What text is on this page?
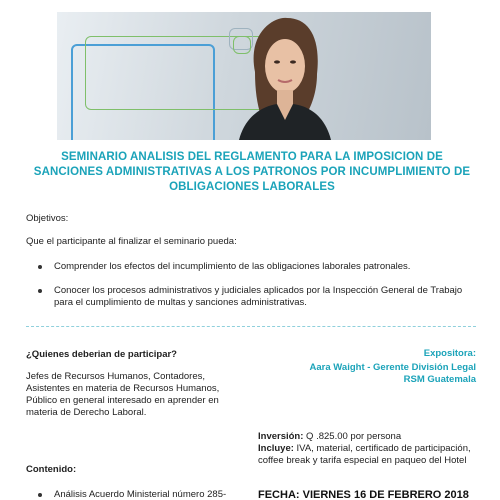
SEMINARIO ANALISIS DEL REGLAMENTO PARA LA IMPOSICION DE
SANCIONES ADMINISTRATIVAS A LOS PATRONOS POR INCUMPLIMIENTO DE
OBLIGACIONES LABORALES
Objetivos:
Que el participante al finalizar el seminario pueda:
Comprender los efectos del incumplimiento de las obligaciones laborales patronales.
Conocer los procesos administrativos y judiciales aplicados por la Inspección General de Trabajo para el cumplimiento de multas y sanciones administrativas.
¿Quienes deberian de participar?
Jefes de Recursos Humanos, Contadores, Asistentes en materia de Recursos Humanos, Público en general interesado en aprender en materia de Derecho Laboral.
Expositora:
Aara Waight - Gerente División Legal
RSM Guatemala
Inversión: Q .825.00 por persona
Incluye: IVA, material, certificado de participación, coffee break y tarifa especial en paqueo del Hotel
Contenido:
Análisis Acuerdo Ministerial número 285-	FECHA: VIERNES 16 DE FEBRERO 2018
